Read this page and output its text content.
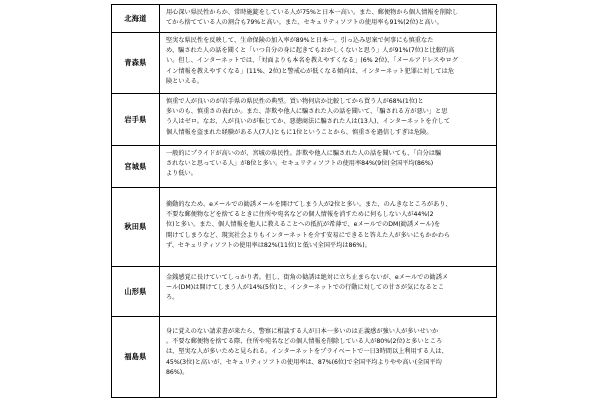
北海道
用心深い県民性からか、常時施錠をしている人が75%と日本一高い。また、郵便物から個人情報を削除し
てから捨てている人の割合も79%と高い。また、セキュリティソフトの使用率も91%(2位)と高い。
青森県
堅実な県民性を反映して、生命保険の加入率が89%と日本一。引っ込み思案で何事にも慎重なた
め、騙された人の話を聞くと「いつ自分の身に起きてもおかしくないと思う」人が91%(7位)と比較的高
い。但し、インターネットでは、「対面よりも本名を教えやすくなる」(6% 2位)、「メールアドレスやログ
イン情報を教えやすくなる」(11%、2位)と警戒心が低くなる傾向は、インターネット犯罪に対しては危
険といえる。
岩手県
慎重で人が良いのが岩手県の県民性の典型。買い物何店か比較してから買う人が68%(1位)と
多いのも、慎重さの表れか。また、詐欺や他人に騙された人の話を聞いて、「騙される方が悪い」と思
う人はゼロ。なお、人が良いのが転じてか、悪徳商法に騙された人は(13人)、インターネットを介して
個人情報を盗まれた経験がある人(7人)ともに1位ということから、慎重さを過信しすぎは危険。
宮城県
一般的にプライドが高いのが、宮城の県民性。詐欺や他人に騙された人の話を聞いても、「自分は騙
されないと思っている人」が8位と多い。セキュリティソフトの使用率84%(9位(全国平均(86%)
より低い。
秋田県
衝動的なため、eメールでの勧誘メールを開けてしまう人が2位と多い。また、のんきなところがあり、
不要な郵便物などを捨てるときに住所や宛名などの個人情報を消すために何もしない人が44%(2
位)と多い。また、個人情報を他人に教えることへの抵抗が希薄で、eメールでのDM(勧誘メール)を
開けてしまうなど、現実社会よりもインターネットを介す安易にできると答えた人が多いにもかかわら
ず、セキュリティソフトの使用率は82%(11位)と低い(全国平均は86%)。
山形県
金銭感覚に長けていてしっかり者。但し、街角の勧誘は絶対に立ち止まらないが、eメールでの勧誘メ
ール(DM)は開けてしまう人が14%(5位)と、インターネットでの行動に対しての甘さが気になるとこ
ろ。
福島県
身に覚えのない請求書が来たら、警察に相談する人が日本一多いのは正義感が強い人が多いせいか
。不要な郵便物を捨てる際、住所や宛名などの個人情報を削除している人が80%(2位)と多いところ
は、堅実な人が多いためと見られる。インターネットをプライベートで一日3時間以上利用する人は、
45%(3位)と高いが、セキュリティソフトの使用率は、87%(6位)で全国平均よりやや高い(全国平均
86%)。
